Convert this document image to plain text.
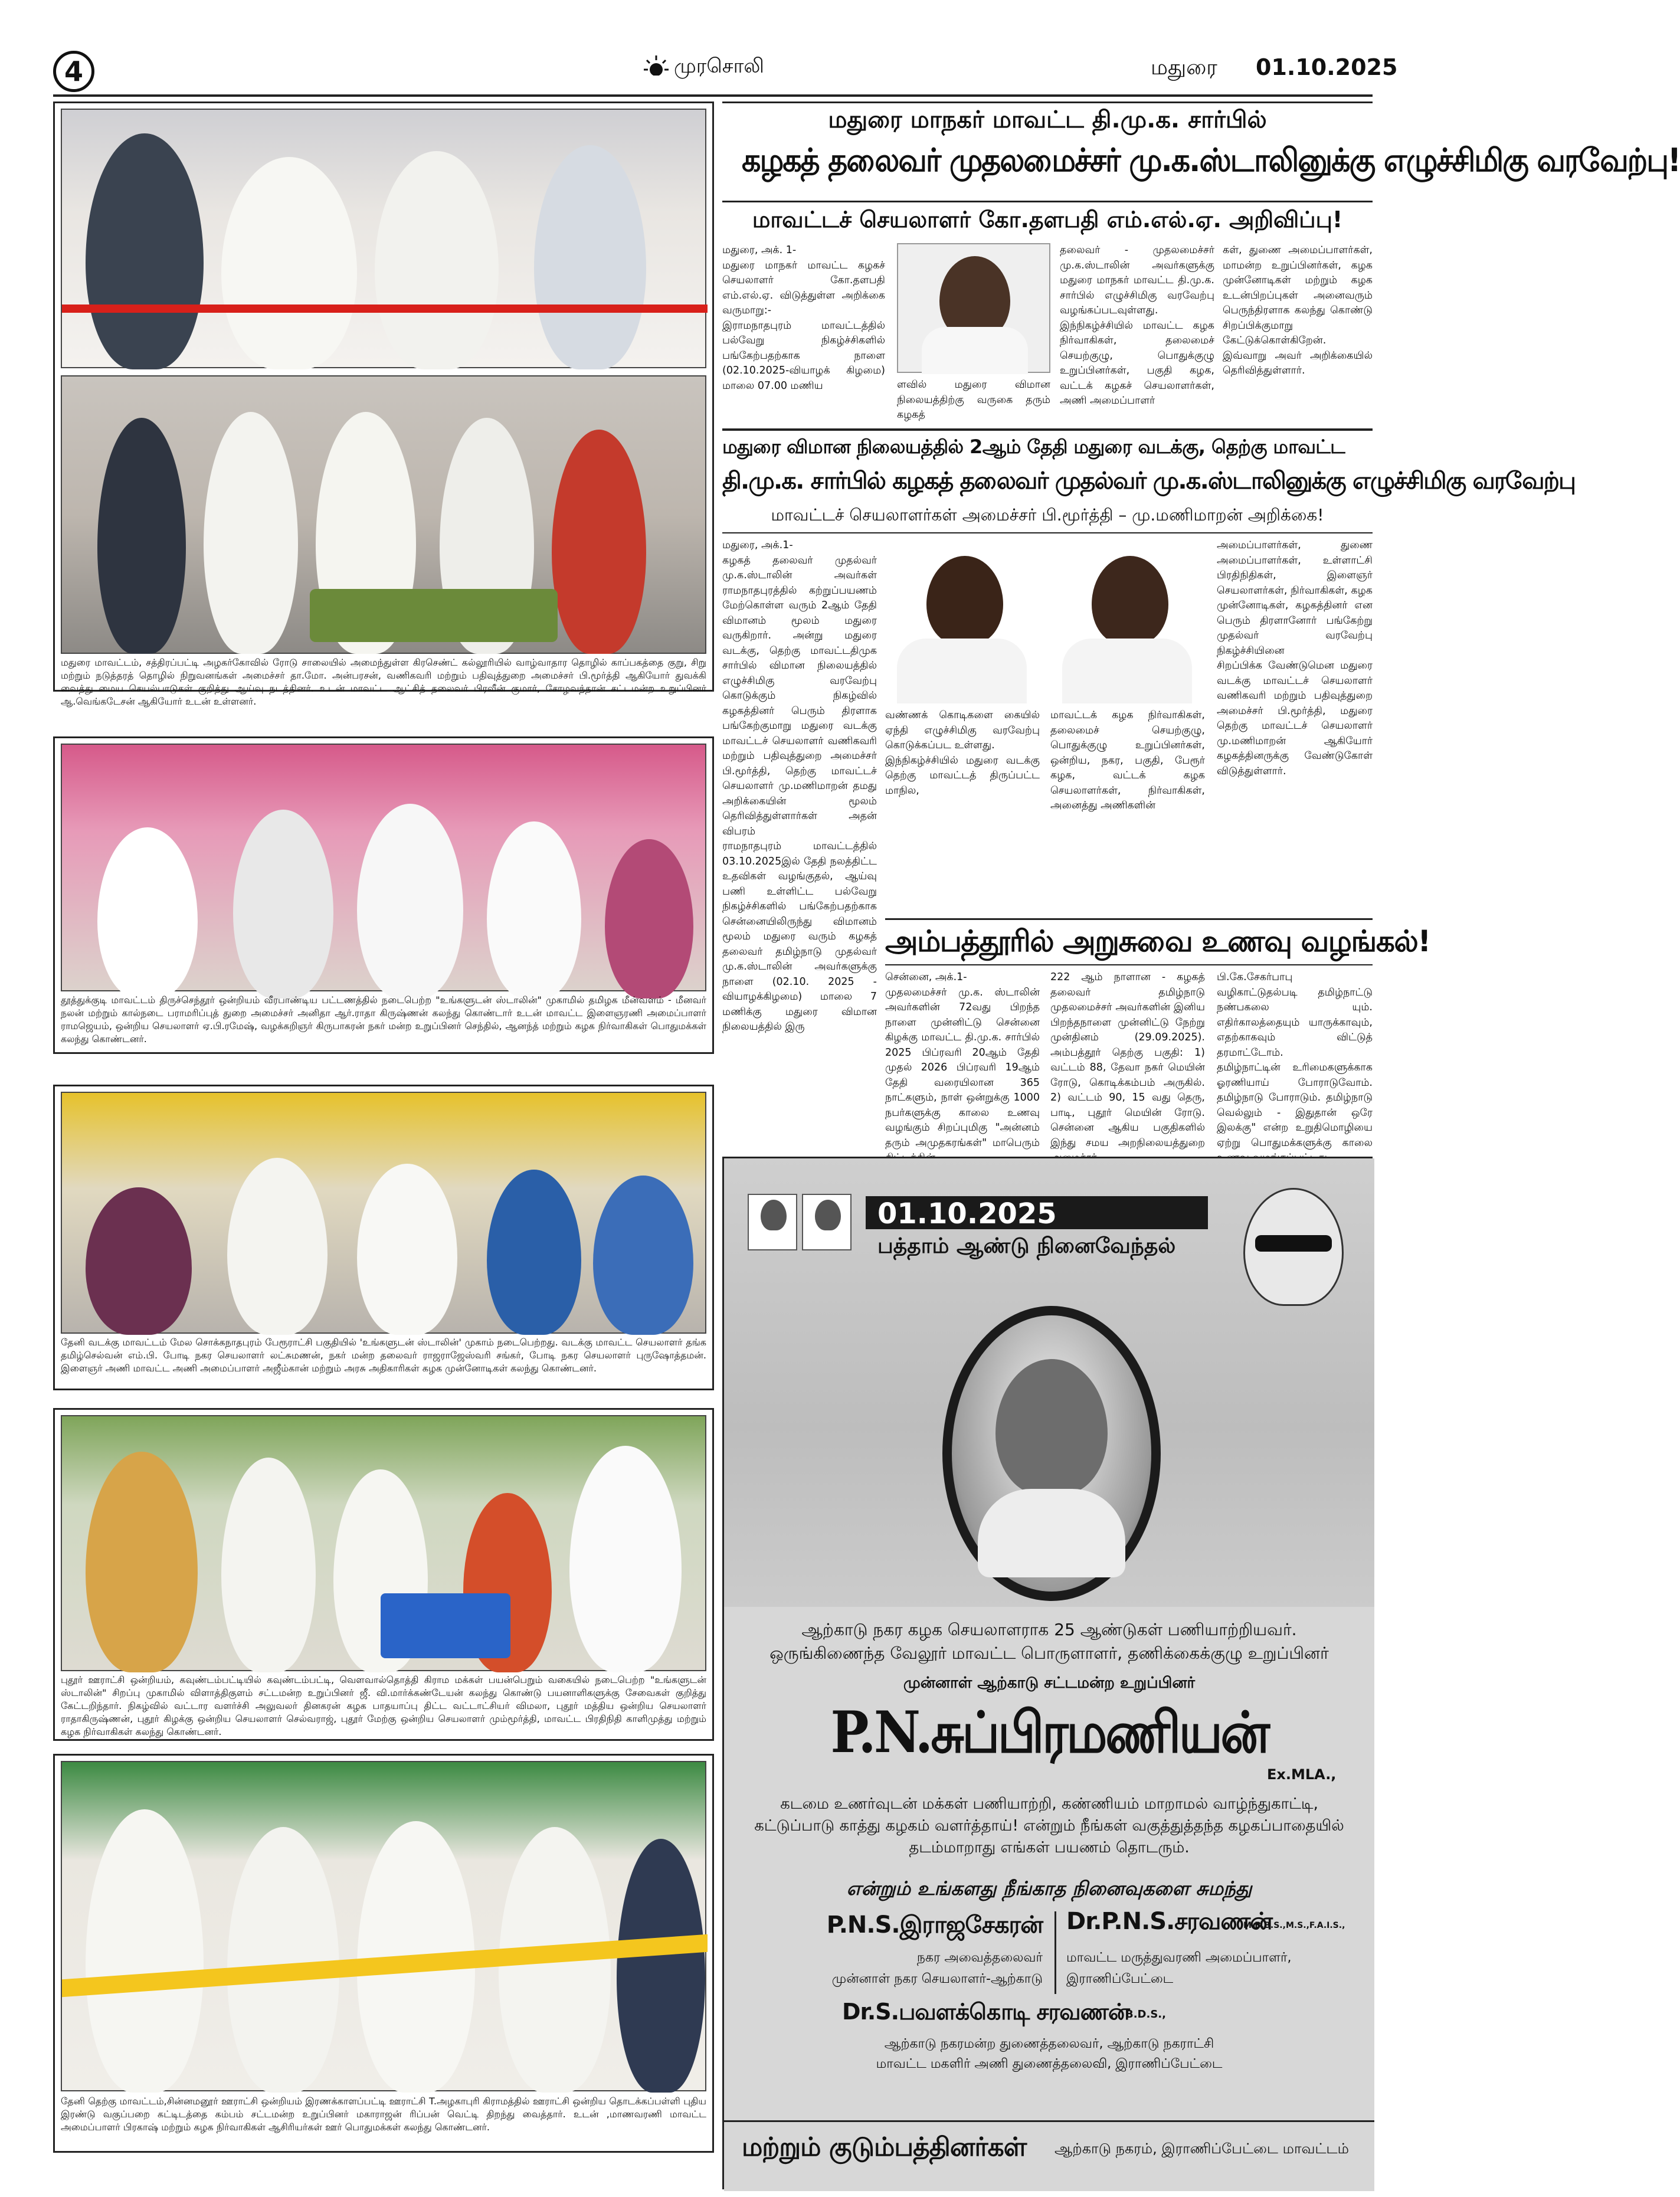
4	முரசொலி	மதுரை 01.10.2025
மதுரை மாவட்டம், சத்திரப்பட்டி அழகர்கோவில் ரோடு சாலையில் அமைந்துள்ள கிரசெண்ட் கல்லூரியில் வாழ்வாதார தொழில் காப்பகத்தை குறு, சிறு மற்றும் நடுத்தரத் தொழில் நிறுவனங்கள் அமைச்சர் தா.மோ. அன்பரசன், வணிகவரி மற்றும் பதிவுத்துறை அமைச்சர் பி.மூர்த்தி ஆகியோர் துவக்கி வைத்து மைய செயல்பாடுகள் குறித்து ஆய்வு நடத்தினர். உடன் மாவட்ட ஆட்சித் தலைவர் பிரவீன் குமார், சோழவந்தான் சட்டமன்ற உறுப்பினர் ஆ.வெங்கடேசன் ஆகியோர் உடன் உள்ளனர்.
தூத்துக்குடி மாவட்டம் திருச்செந்தூர் ஒன்றியம் வீரபாண்டிய பட்டணத்தில் நடைபெற்ற "உங்களுடன் ஸ்டாலின்" முகாமில் தமிழக மீன்வளம் - மீனவர் நலன் மற்றும் கால்நடை பராமரிப்புத் துறை அமைச்சர் அனிதா ஆர்.ராதா கிருஷ்ணன் கலந்து கொண்டார் உடன் மாவட்ட இளைஞரணி அமைப்பாளர் ராமஜெயம், ஒன்றிய செயலாளர் ஏ.பி.ரமேஷ், வழக்கறிஞர் கிருபாகரன் நகர் மன்ற உறுப்பினர் செந்தில், ஆனந்த் மற்றும் கழக நிர்வாகிகள் பொதுமக்கள் கலந்து கொண்டனர்.
தேனி வடக்கு மாவட்டம் மேல சொக்கநாதபுரம் பேரூராட்சி பகுதியில் 'உங்களுடன் ஸ்டாலின்' முகாம் நடைபெற்றது. வடக்கு மாவட்ட செயலாளர் தங்க தமிழ்செல்வன் எம்.பி. போடி நகர செயலாளர் லட்சுமணன், நகர் மன்ற தலைவர் ராஜராஜேஸ்வரி சங்கர், போடி நகர செயலாளர் புருஷோத்தமன். இளைஞர் அணி மாவட்ட அணி அமைப்பாளர் அஜீம்கான் மற்றும் அரசு அதிகாரிகள் கழக முன்னோடிகள் கலந்து கொண்டனர்.
புதூர் ஊராட்சி ஒன்றியம், கவுண்டம்பட்டியில் கவுண்டம்பட்டி, வௌவால்தொத்தி கிராம மக்கள் பயன்பெறும் வகையில் நடைபெற்ற "உங்களுடன் ஸ்டாலின்" சிறப்பு முகாமில் விளாத்திகுளம் சட்டமன்ற உறுப்பினர் ஜீ. வி.மார்க்கண்டேயன் கலந்து கொண்டு பயனாளிகளுக்கு சேவைகள் குறித்து கேட்டறிந்தார். நிகழ்வில் வட்டார வளர்ச்சி அலுவலர் தினகரன் கழக பாதயாப்பு திட்ட வட்டாட்சியர் விமலா, புதூர் மத்திய ஒன்றிய செயலாளர் ராதாகிருஷ்ணன், புதூர் கிழக்கு ஒன்றிய செயலாளர் செல்வராஜ், புதூர் மேற்கு ஒன்றிய செயலாளர் மும்மூர்த்தி, மாவட்ட பிரதிநிதி காளிமுத்து மற்றும் கழக நிர்வாகிகள் கலந்து கொண்டனர்.
தேனி தெற்கு மாவட்டம்,சின்னமனூர் ஊராட்சி ஒன்றியம் இரணக்காளப்பட்டி ஊராட்சி T.அழகாபுரி கிராமத்தில் ஊராட்சி ஒன்றிய தொடக்கப்பள்ளி புதிய இரண்டு வகுப்பறை கட்டிடத்தை கம்பம் சட்டமன்ற உறுப்பினர் மகாராஜன் ரிப்பன் வெட்டி திறந்து வைத்தார். உடன் ,மாணவரணி மாவட்ட அமைப்பாளர் பிரகாஷ் மற்றும் கழக நிர்வாகிகள் ஆசிரியர்கள் ஊர் பொதுமக்கள் கலந்து கொண்டனர்.
மதுரை மாநகர் மாவட்ட தி.மு.க. சார்பில்
கழகத் தலைவர் முதலமைச்சர் மு.க.ஸ்டாலினுக்கு எழுச்சிமிகு வரவேற்பு!
மாவட்டச் செயலாளர் கோ.தளபதி எம்.எல்.ஏ. அறிவிப்பு!
மதுரை, அக். 1-
மதுரை மாநகர் மாவட்ட கழகச் செயலாளர் கோ.தளபதி எம்.எல்.ஏ. விடுத்துள்ள அறிக்கை வருமாறு:-
இராமநாதபுரம் மாவட்டத்தில் பல்வேறு நிகழ்ச்சிகளில் பங்கேற்பதற்காக நாளை (02.10.2025-வியாழக் கிழமை) மாலை 07.00 மணிய	ளவில் மதுரை விமான நிலையத்திற்கு வருகை தரும் கழகத்
தலைவர் - முதலமைச்சர் மு.க.ஸ்டாலின் அவர்களுக்கு மதுரை மாநகர் மாவட்ட தி.மு.க. சார்பில் எழுச்சிமிகு வரவேற்பு வழங்கப்படவுள்ளது. இந்நிகழ்ச்சியில் மாவட்ட கழக நிர்வாகிகள், தலைமைச் செயற்குழு, பொதுக்குழு உறுப்பினர்கள், பகுதி கழக, வட்டக் கழகச் செயலாளர்கள், அணி அமைப்பாளர்
கள், துணை அமைப்பாளர்கள், மாமன்ற உறுப்பினர்கள், கழக முன்னோடிகள் மற்றும் கழக உடன்பிறப்புகள் அனைவரும் பெருந்திரளாக கலந்து கொண்டு சிறப்பிக்குமாறு கேட்டுக்கொள்கிறேன்.
இவ்வாறு அவர் அறிக்கையில் தெரிவித்துள்ளார்.
மதுரை விமான நிலையத்தில் 2ஆம் தேதி மதுரை வடக்கு, தெற்கு மாவட்ட
தி.மு.க. சார்பில் கழகத் தலைவர் முதல்வர் மு.க.ஸ்டாலினுக்கு எழுச்சிமிகு வரவேற்பு
மாவட்டச் செயலாளர்கள் அமைச்சர் பி.மூர்த்தி – மு.மணிமாறன் அறிக்கை!
மதுரை, அக்.1-
கழகத் தலைவர் முதல்வர் மு.க.ஸ்டாலின் அவர்கள் ராமநாதபுரத்தில் கற்றுப்பயணம் மேற்கொள்ள வரும் 2ஆம் தேதி விமானம் மூலம் மதுரை வருகிறார். அன்று மதுரை வடக்கு, தெற்கு மாவட்டதிமுக சார்பில் விமான நிலையத்தில் எழுச்சிமிகு வரவேற்பு கொடுக்கும் நிகழ்வில் கழகத்தினர் பெரும் திரளாக பங்கேற்குமாறு மதுரை வடக்கு மாவட்டச் செயலாளர் வணிகவரி மற்றும் பதிவுத்துறை அமைச்சர் பி.மூர்த்தி, தெற்கு மாவட்டச் செயலாளர் மு.மணிமாறன் தமது அறிக்கையின் மூலம் தெரிவித்துள்ளார்கள் அதன் விபரம்
ராமநாதபுரம் மாவட்டத்தில் 03.10.2025இல் தேதி நலத்திட்ட உதவிகள் வழங்குதல், ஆய்வு பணி உள்ளிட்ட பல்வேறு நிகழ்ச்சிகளில் பங்கேற்பதற்காக சென்னையிலிருந்து விமானம் மூலம் மதுரை வரும் கழகத் தலைவர் தமிழ்நாடு முதல்வர் மு.க.ஸ்டாலின் அவர்களுக்கு நாளை (02.10. 2025 - வியாழக்கிழமை) மாலை 7 மணிக்கு மதுரை விமான நிலையத்தில் இரு
வண்ணக் கொடிகளை கையில் ஏந்தி எழுச்சிமிகு வரவேற்பு கொடுக்கப்பட உள்ளது.
இந்நிகழ்ச்சியில் மதுரை வடக்கு தெற்கு மாவட்டத் திருப்பட்ட மாநில,
மாவட்டக் கழக நிர்வாகிகள், தலைமைச் செயற்குழு, பொதுக்குழு உறுப்பினர்கள், ஒன்றிய, நகர, பகுதி, பேரூர் கழக, வட்டக் கழக செயலாளர்கள், நிர்வாகிகள், அனைத்து அணிகளின்
அமைப்பாளர்கள், துணை அமைப்பாளர்கள், உள்ளாட்சி பிரதிநிதிகள், இளைஞர் செயலாளர்கள், நிர்வாகிகள், கழக முன்னோடிகள், கழகத்தினர் என பெரும் திரளானோர் பங்கேற்று முதல்வர் வரவேற்பு நிகழ்ச்சியினை
சிறப்பிக்க வேண்டுமென மதுரை வடக்கு மாவட்டச் செயலாளர் வணிகவரி மற்றும் பதிவுத்துறை அமைச்சர் பி.மூர்த்தி, மதுரை தெற்கு மாவட்டச் செயலாளர் மு.மணிமாறன் ஆகியோர் கழகத்தினருக்கு வேண்டுகோள் விடுத்துள்ளார்.
அம்பத்தூரில் அறுசுவை உணவு வழங்கல்!
சென்னை, அக்.1-
முதலமைச்சர் மு.க. ஸ்டாலின் அவர்களின் 72வது பிறந்த நாளை முன்னிட்டு சென்னை கிழக்கு மாவட்ட தி.மு.க. சார்பில் 2025 பிப்ரவரி 20ஆம் தேதி முதல் 2026 பிப்ரவரி 19ஆம் தேதி வரையிலான 365 நாட்களும், நாள் ஒன்றுக்கு 1000 நபர்களுக்கு காலை உணவு வழங்கும் சிறப்புமிகு "அன்னம் தரும் அமுதகரங்கள்" மாபெரும்
222 ஆம் நாளான - கழகத் தலைவர் தமிழ்நாடு முதலமைச்சர் அவர்களின் இனிய பிறந்தநாளை முன்னிட்டு நேற்று முன்தினம் (29.09.2025). அம்பத்தூர் தெற்கு பகுதி: 1) வட்டம் 88, தேவா நகர் மெயின் ரோடு, கொடிக்கம்பம் அருகில். 2) வட்டம் 90, 15 வது தெரு, பாடி, புதூர் மெயின் ரோடு. சென்னை ஆகிய பகுதிகளில் இந்து சமய அறநிலையத்துறை
பி.கே.சேகர்பாபு வழிகாட்டுதல்படி தமிழ்நாட்டு நண்பகலை யும். எதிர்காலத்தையும் யாருக்காவும், எதற்காகவும் விட்டுத் தரமாட்டோம்.
தமிழ்நாட்டின் உரிமைகளுக்காக ஓரணியாய் போராடுவோம். தமிழ்நாடு போராடும். தமிழ்நாடு வெல்லும் - இதுதான் ஒரே இலக்கு" என்ற உறுதிமொழியை ஏற்று பொதுமக்களுக்கு காலை
01.10.2025
பத்தாம் ஆண்டு நினைவேந்தல்
ஆற்காடு நகர கழக செயலாளராக 25 ஆண்டுகள் பணியாற்றியவர்.
ஒருங்கிணைந்த வேலூர் மாவட்ட பொருளாளர், தணிக்கைக்குழு உறுப்பினர்
முன்னாள் ஆற்காடு சட்டமன்ற உறுப்பினர்
P.N.சுப்பிரமணியன்
Ex.MLA.,
கடமை உணர்வுடன் மக்கள் பணியாற்றி, கண்ணியம் மாறாமல் வாழ்ந்துகாட்டி, கட்டுப்பாடு காத்து கழகம் வளர்த்தாய்! என்றும் நீங்கள் வகுத்துத்தந்த கழகப்பாதையில் தடம்மாறாது எங்கள் பயணம் தொடரும்.
என்றும் உங்களது நீங்காத நினைவுகளை சுமந்து
P.N.S.இராஜசேகரன்
நகர அவைத்தலைவர்
முன்னாள் நகர செயலாளர்-ஆற்காடு
Dr.P.N.S.சரவணன்
M.B.B.S.,M.S.,F.A.I.S.,
மாவட்ட மருத்துவரணி அமைப்பாளர்,
இராணிப்பேட்டை
Dr.S.பவளக்கொடி சரவணன்
B.D.S.,
ஆற்காடு நகரமன்ற துணைத்தலைவர், ஆற்காடு நகராட்சி
மாவட்ட மகளிர் அணி துணைத்தலைவி, இராணிப்பேட்டை
மற்றும் குடும்பத்தினர்கள் ஆற்காடு நகரம், இராணிப்பேட்டை மாவட்டம்
